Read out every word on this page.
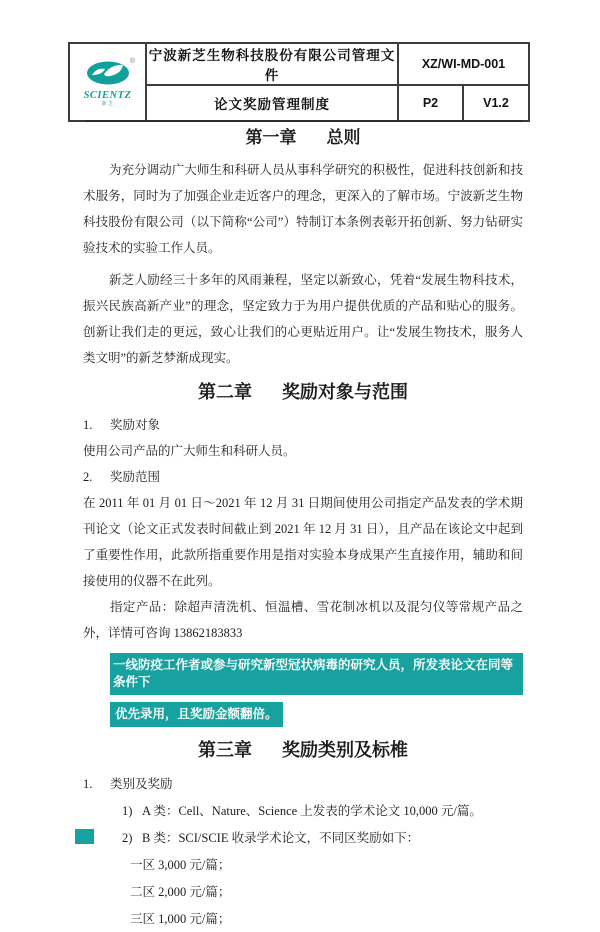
®
SCIENTZ
新 芝	宁波新芝生物科技股份有限公司管理文件	XZ/WI-MD-001	
	论文奖励管理制度	P2	V1.2
第一章 总则

为充分调动广大师生和科研人员从事科学研究的积极性，促进科技创新和技术服务，同时为了加强企业走近客户的理念，更深入的了解市场。宁波新芝生物科技股份有限公司（以下简称“公司”）特制订本条例表彰开拓创新、努力钻研实验技术的实验工作人员。

新芝人励经三十多年的风雨兼程，坚定以新致心，凭着“发展生物科技术，振兴民族高新产业”的理念，坚定致力于为用户提供优质的产品和贴心的服务。创新让我们走的更远，致心让我们的心更贴近用户。让“发展生物技术，服务人类文明”的新芝梦渐成现实。

第二章 奖励对象与范围
1. 奖励对象

使用公司产品的广大师生和科研人员。

2. 奖励范围

在 2011 年 01 月 01 日～2021 年 12 月 31 日期间使用公司指定产品发表的学术期刊论文（论文正式发表时间截止到 2021 年 12 月 31 日），且产品在该论文中起到了重要性作用，此款所指重要作用是指对实验本身成果产生直接作用，辅助和间接使用的仪器不在此列。

指定产品：除超声清洗机、恒温槽、雪花制冰机以及混匀仪等常规产品之外，详情可咨询 13862183833

一线防疫工作者或参与研究新型冠状病毒的研究人员，所发表论文在同等条件下
优先录用，且奖励金额翻倍。
第三章 奖励类别及标椎
1. 类别及奖励
1) A 类：Cell、Nature、Science 上发表的学术论文 10,000 元/篇。
2) B 类：SCI/SCIE 收录学术论文，不同区奖励如下：
一区 3,000 元/篇；
二区 2,000 元/篇；
三区 1,000 元/篇；
